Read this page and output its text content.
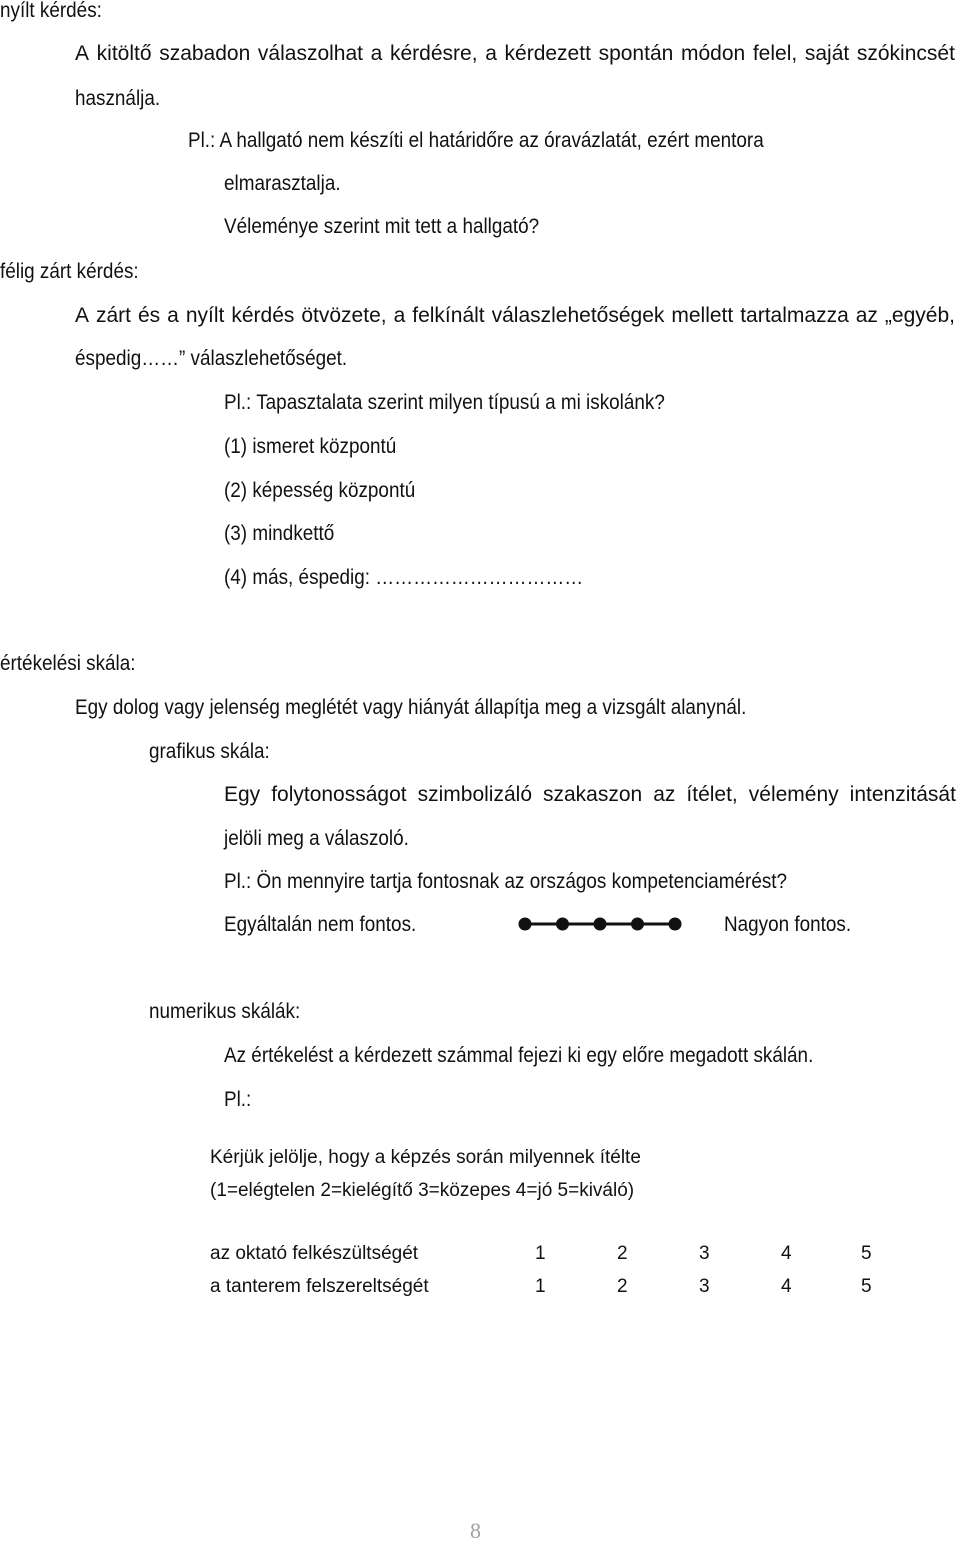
nyílt kérdés:
A kitöltő szabadon válaszolhat a kérdésre, a kérdezett spontán módon felel, saját szókincsét
használja.
Pl.: A hallgató nem készíti el határidőre az óravázlatát, ezért mentora
elmarasztalja.
Véleménye szerint mit tett a hallgató?
félig zárt kérdés:
A zárt és a nyílt kérdés ötvözete, a felkínált válaszlehetőségek mellett tartalmazza az „egyéb,
éspedig……” válaszlehetőséget.
Pl.: Tapasztalata szerint milyen típusú a mi iskolánk?
(1) ismeret központú
(2) képesség központú
(3) mindkettő
(4) más, éspedig: ……………………………
értékelési skála:
Egy dolog vagy jelenség meglétét vagy hiányát állapítja meg a vizsgált alanynál.
grafikus skála:
Egy folytonosságot szimbolizáló szakaszon az ítélet, vélemény intenzitását
jelöli meg a válaszoló.
Pl.: Ön mennyire tartja fontosnak az országos kompetenciamérést?
Egyáltalán nem fontos.	Nagyon fontos.
numerikus skálák:
Az értékelést a kérdezett számmal fejezi ki egy előre megadott skálán.
Pl.:
Kérjük jelölje, hogy a képzés során milyennek ítélte
(1=elégtelen 2=kielégítő 3=közepes 4=jó 5=kiváló)
az oktató felkészültségét	1	2	3	4	5
a tanterem felszereltségét	1	2	3	4	5
8
